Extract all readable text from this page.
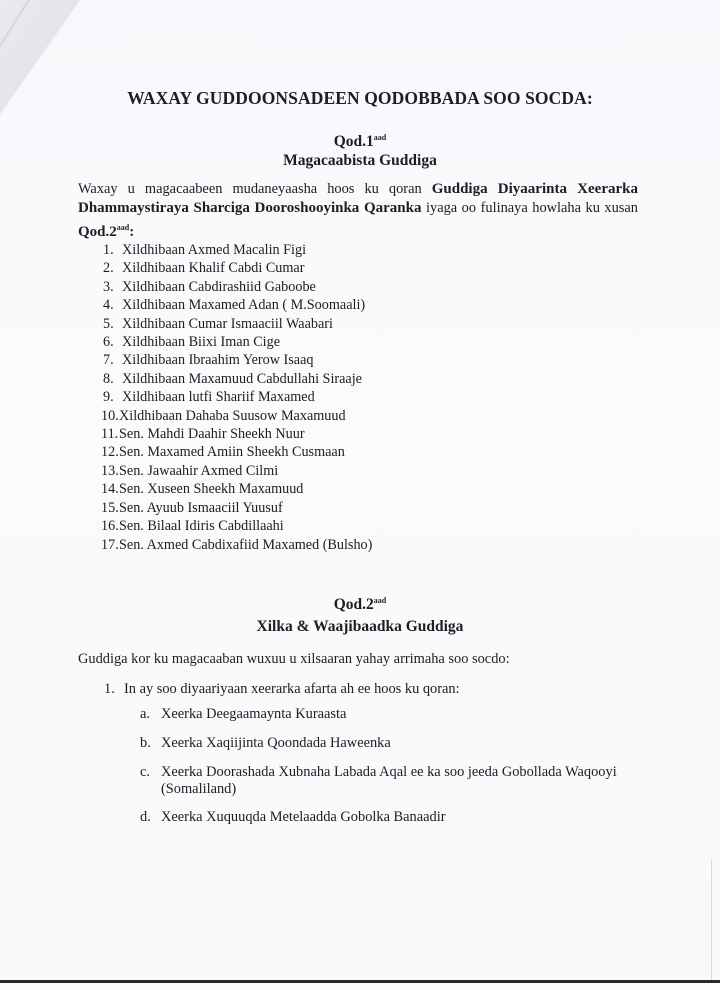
WAXAY GUDDOONSADEEN QODOBBADA SOO SOCDA:
Qod.1$^{aad}$
Magacaabista Guddiga
Waxay u magacaabeen mudaneyaasha hoos ku qoran Guddiga Diyaarinta Xeerarka Dhammaystiraya Sharciga Dooroshooyinka Qaranka iyaga oo fulinaya howlaha ku xusan Qod.2$^{aad}$:
1. Xildhibaan Axmed Macalin Figi
2. Xildhibaan Khalif Cabdi Cumar
3. Xildhibaan Cabdirashiid Gaboobe
4. Xildhibaan Maxamed Adan ( M.Soomaali)
5. Xildhibaan Cumar Ismaaciil Waabari
6. Xildhibaan Biixi Iman Cige
7. Xildhibaan Ibraahim Yerow Isaaq
8. Xildhibaan Maxamuud Cabdullahi Siraaje
9. Xildhibaan lutfi Shariif Maxamed
10. Xildhibaan Dahaba Suusow Maxamuud
11. Sen. Mahdi Daahir Sheekh Nuur
12. Sen. Maxamed Amiin Sheekh Cusmaan
13. Sen. Jawaahir Axmed Cilmi
14. Sen. Xuseen Sheekh Maxamuud
15. Sen. Ayuub Ismaaciil Yuusuf
16. Sen. Bilaal Idiris Cabdillaahi
17. Sen. Axmed Cabdixafiid Maxamed (Bulsho)
Qod.2$^{aad}$
Xilka & Waajibaadka Guddiga
Guddiga kor ku magacaaban wuxuu u xilsaaran yahay arrimaha soo socdo:
1. In ay soo diyaariyaan xeerarka afarta ah ee hoos ku qoran:
a. Xeerka Deegaamaynta Kuraasta
b. Xeerka Xaqiijinta Qoondada Haweenka
c. Xeerka Doorashada Xubnaha Labada Aqal ee ka soo jeeda Gobollada Waqooyi (Somaliland)
d. Xeerka Xuquuqda Metelaadda Gobolka Banaadir
